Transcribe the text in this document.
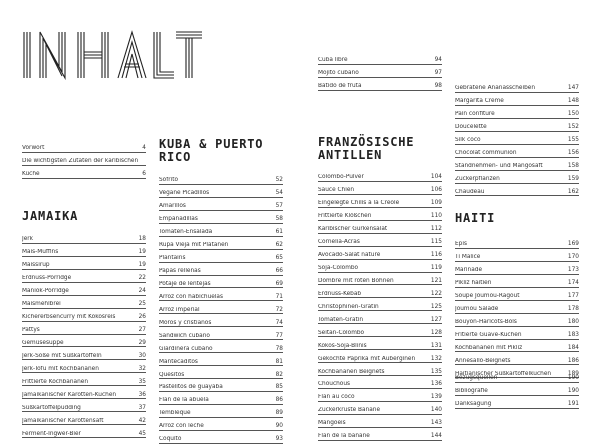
Vorwort	4
Die wichtigsten Zutaten der karibischen
Küche	6
JAMAIKA
Jerk	18
Mais-Muffins	19
Maissirup	19
Erdnuss-Porridge	22
Maniok-Porridge	24
Maismehlbrei	25
Kichererbsencurry mit Kokosreis	26
Pattys	27
Gemüsesuppe	29
Jerk-Soße mit Süßkartoffeln	30
Jerk-Tofu mit Kochbananen	32
Frittierte Kochbananen	35
Jamaikanischer Karotten-Kuchen	36
Süßkartoffelpudding	37
Jamaikanischer Karottensaft	42
Ferment-Ingwer-Bier	45
KUBA & PUERTO RICO
Sofrito	52
Vegane Picadillos	54
Amarillos	57
Empanadillas	58
Tomaten-Ensalada	61
Rupa Vieja mit Platanen	62
Plantains	65
Papas rellenas	66
Potaje de lentejas	69
Arroz con habichuelas	71
Arroz imperial	72
Moros y cristianos	74
Sandwich cubano	77
Giardinera cubano	78
Mantecaditos	81
Quesitos	82
Pastelitos de guayaba	85
Flan de la abuela	86
Tembleque	89
Arroz con leche	90
Coquito	93
Cuba libre	94
Mojito cubano	97
Batido de fruta	98
FRANZÖSISCHE ANTILLEN
Colombo-Pulver	104
Sauce Chien	106
Eingelegte Chilis à la Créole	109
Frittierte Klößchen	110
Karibischer Gurkensalat	112
Cornelia-Acras	115
Avocado-Salat nature	116
Soja-Colombo	119
Dombré mit roten Bohnen	121
Erdnuss-Kebab	122
Christophinen-Gratin	125
Tomaten-Gratin	127
Seitan-Colombo	128
Kokos-Soja-Blinis	131
Gekochte Paprika mit Auberginen	132
Kochbananen Beignets	135
Chouchous	136
Flan au coco	139
Zuckerkruste Banane	140
Mangoeis	143
Flan de la banane	144
Gebratene Ananasscheiben	147
Margarita Crème	148
Pain confiture	150
Doucelette	152
Silk coco	155
Chocolat communion	156
Standnehmen- und Mangosaft	158
Zuckerpflanzen	159
Chaudeau	162
HAITI
Epis	169
Ti Malice	170
Marinade	173
Pikliz haitien	174
Soupe Joumou-Ragout	177
Joumou Salade	178
Bouyon-Haricots-Bols	180
Fritierte Guave-Kuchen	183
Kochbananen mit Pikliz	184
Annesallo-Beignets	186
Haitianischer Süßkartoffelkuchen	189
Bezugsquellen	190
Bibliografie	190
Danksagung	191
